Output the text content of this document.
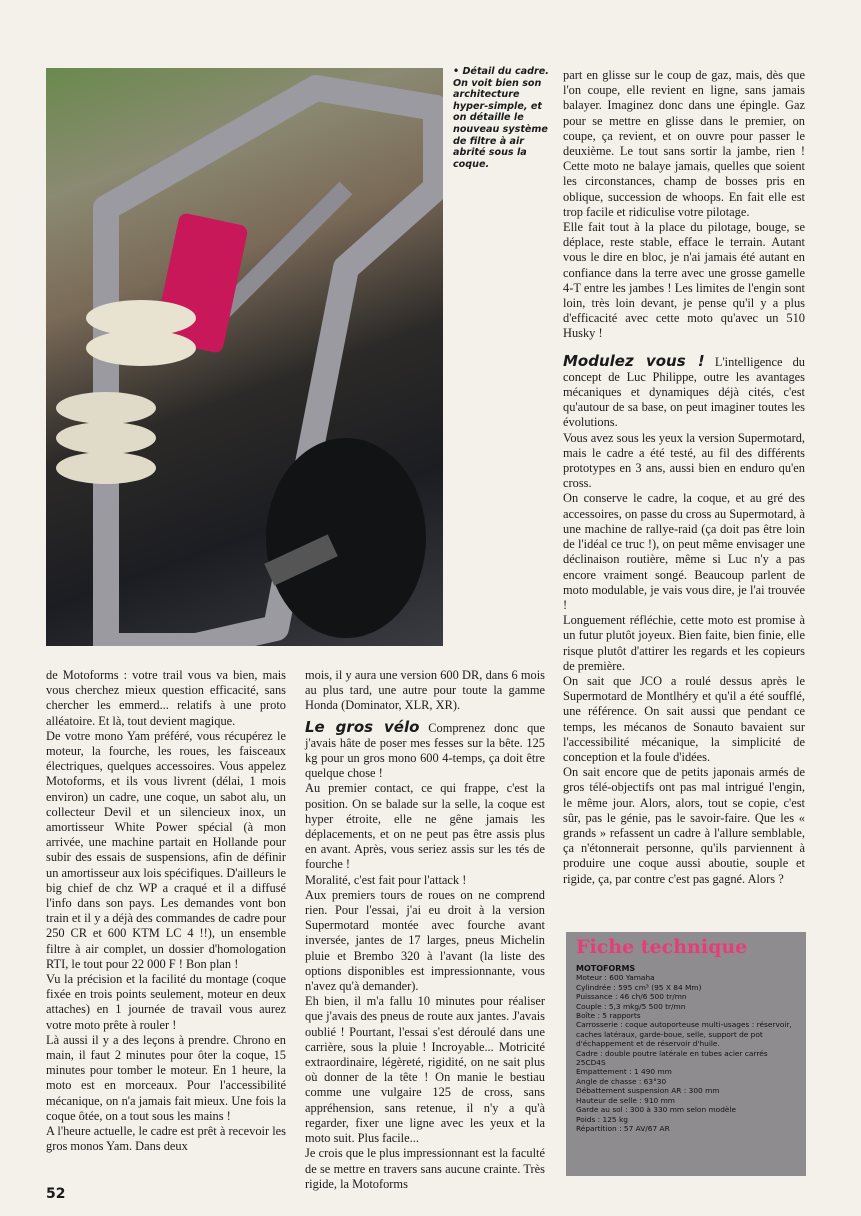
• Détail du cadre. On voit bien son architecture hyper-simple, et on détaille le nouveau système de filtre à air abrité sous la coque.

de Motoforms : votre trail vous va bien, mais vous cherchez mieux question efficacité, sans chercher les emmerd... relatifs à une proto alléatoire. Et là, tout devient magique.
De votre mono Yam préféré, vous récupérez le moteur, la fourche, les roues, les faisceaux électriques, quelques accessoires. Vous appelez Motoforms, et ils vous livrent (délai, 1 mois environ) un cadre, une coque, un sabot alu, un collecteur Devil et un silencieux inox, un amortisseur White Power spécial (à mon arrivée, une machine partait en Hollande pour subir des essais de suspensions, afin de définir un amortisseur aux lois spécifiques. D'ailleurs le big chief de chz WP a craqué et il a diffusé l'info dans son pays. Les demandes vont bon train et il y a déjà des commandes de cadre pour 250 CR et 600 KTM LC 4 !!), un ensemble filtre à air complet, un dossier d'homologation RTI, le tout pour 22 000 F ! Bon plan !
Vu la précision et la facilité du montage (coque fixée en trois points seulement, moteur en deux attaches) en 1 journée de travail vous aurez votre moto prête à rouler !
Là aussi il y a des leçons à prendre. Chrono en main, il faut 2 minutes pour ôter la coque, 15 minutes pour tomber le moteur. En 1 heure, la moto est en morceaux. Pour l'accessibilité mécanique, on n'a jamais fait mieux. Une fois la coque ôtée, on a tout sous les mains !
A l'heure actuelle, le cadre est prêt à recevoir les gros monos Yam. Dans deux

mois, il y aura une version 600 DR, dans 6 mois au plus tard, une autre pour toute la gamme Honda (Dominator, XLR, XR).

Le gros vélo Comprenez donc que j'avais hâte de poser mes fesses sur la bête. 125 kg pour un gros mono 600 4-temps, ça doit être quelque chose !

Au premier contact, ce qui frappe, c'est la position. On se balade sur la selle, la coque est hyper étroite, elle ne gêne jamais les déplacements, et on ne peut pas être assis plus en avant. Après, vous seriez assis sur les tés de fourche !
Moralité, c'est fait pour l'attack !
Aux premiers tours de roues on ne comprend rien. Pour l'essai, j'ai eu droit à la version Supermotard montée avec fourche avant inversée, jantes de 17 larges, pneus Michelin pluie et Brembo 320 à l'avant (la liste des options disponibles est impressionnante, vous n'avez qu'à demander).
Eh bien, il m'a fallu 10 minutes pour réaliser que j'avais des pneus de route aux jantes. J'avais oublié ! Pourtant, l'essai s'est déroulé dans une carrière, sous la pluie ! Incroyable... Motricité extraordinaire, légèreté, rigidité, on ne sait plus où donner de la tête ! On manie le bestiau comme une vulgaire 125 de cross, sans appréhension, sans retenue, il n'y a qu'à regarder, fixer une ligne avec les yeux et la moto suit. Plus facile...
Je crois que le plus impressionnant est la faculté de se mettre en travers sans aucune crainte. Très rigide, la Motoforms

part en glisse sur le coup de gaz, mais, dès que l'on coupe, elle revient en ligne, sans jamais balayer. Imaginez donc dans une épingle. Gaz pour se mettre en glisse dans le premier, on coupe, ça revient, et on ouvre pour passer le deuxième. Le tout sans sortir la jambe, rien ! Cette moto ne balaye jamais, quelles que soient les circonstances, champ de bosses pris en oblique, succession de whoops. En fait elle est trop facile et ridiculise votre pilotage.
Elle fait tout à la place du pilotage, bouge, se déplace, reste stable, efface le terrain. Autant vous le dire en bloc, je n'ai jamais été autant en confiance dans la terre avec une grosse gamelle 4-T entre les jambes ! Les limites de l'engin sont loin, très loin devant, je pense qu'il y a plus d'efficacité avec cette moto qu'avec un 510 Husky !

Modulez vous ! L'intelligence du concept de Luc Philippe, outre les avantages mécaniques et dynamiques déjà cités, c'est qu'autour de sa base, on peut imaginer toutes les évolutions.

Vous avez sous les yeux la version Supermotard, mais le cadre a été testé, au fil des différents prototypes en 3 ans, aussi bien en enduro qu'en cross.
On conserve le cadre, la coque, et au gré des accessoires, on passe du cross au Supermotard, à une machine de rallye-raid (ça doit pas être loin de l'idéal ce truc !), on peut même envisager une déclinaison routière, même si Luc n'y a pas encore vraiment songé. Beaucoup parlent de moto modulable, je vais vous dire, je l'ai trouvée !
Longuement réfléchie, cette moto est promise à un futur plutôt joyeux. Bien faite, bien finie, elle risque plutôt d'attirer les regards et les copieurs de première.
On sait que JCO a roulé dessus après le Supermotard de Montlhéry et qu'il a été soufflé, une référence. On sait aussi que pendant ce temps, les mécanos de Sonauto bavaient sur l'accessibilité mécanique, la simplicité de conception et la foule d'idées.
On sait encore que de petits japonais armés de gros télé-objectifs ont pas mal intrigué l'engin, le même jour. Alors, alors, tout se copie, c'est sûr, pas le génie, pas le savoir-faire. Que les « grands » refassent un cadre à l'allure semblable, ça n'étonnerait personne, qu'ils parviennent à produire une coque aussi aboutie, souple et rigide, ça, par contre c'est pas gagné. Alors ?

Fiche technique
MOTOFORMS

Moteur : 600 Yamaha

Cylindrée : 595 cm³ (95 X 84 Mm)

Puissance : 46 ch/6 500 tr/mn

Couple : 5,3 mkg/5 500 tr/mn

Boîte : 5 rapports

Carrosserie : coque autoporteuse multi-usages : réservoir, caches latéraux, garde-boue, selle, support de pot d'échappement et de réservoir d'huile.

Cadre : double poutre latérale en tubes acier carrés 25CD4S

Empattement : 1 490 mm

Angle de chasse : 63°30

Débattement suspension AR : 300 mm

Hauteur de selle : 910 mm

Garde au sol : 300 à 330 mm selon modèle

Poids : 125 kg

Répartition : 57 AV/67 AR

52
